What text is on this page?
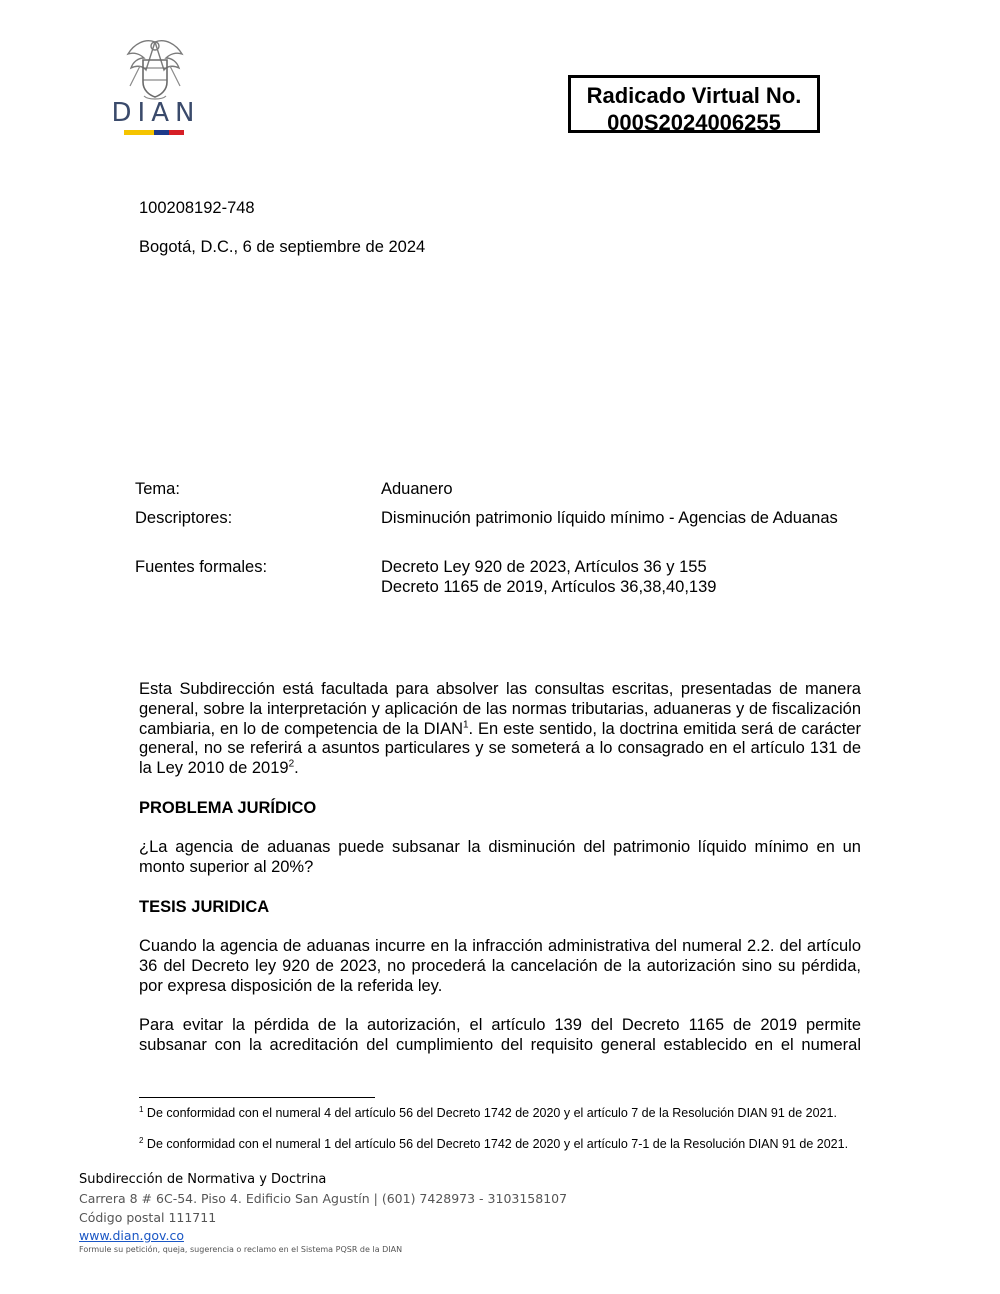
DIAN
Radicado Virtual No.
000S2024006255
100208192-748
Bogotá, D.C., 6 de septiembre de 2024
Tema:	Aduanero
Descriptores:	Disminución patrimonio líquido mínimo - Agencias de Aduanas
Fuentes formales:	Decreto Ley 920 de 2023, Artículos 36 y 155
Decreto 1165 de 2019, Artículos 36,38,40,139
Esta Subdirección está facultada para absolver las consultas escritas, presentadas de manera general, sobre la interpretación y aplicación de las normas tributarias, aduaneras y de fiscalización cambiaria, en lo de competencia de la DIAN$^1$. En este sentido, la doctrina emitida será de carácter general, no se referirá a asuntos particulares y se someterá a lo consagrado en el artículo 131 de la Ley 2010 de 2019$^2$.
PROBLEMA JURÍDICO
¿La agencia de aduanas puede subsanar la disminución del patrimonio líquido mínimo en un monto superior al 20%?
TESIS JURIDICA
Cuando la agencia de aduanas incurre en la infracción administrativa del numeral 2.2. del artículo 36 del Decreto ley 920 de 2023, no procederá la cancelación de la autorización sino su pérdida, por expresa disposición de la referida ley.
Para evitar la pérdida de la autorización, el artículo 139 del Decreto 1165 de 2019 permite subsanar con la acreditación del cumplimiento del requisito general establecido en el numeral
$^1$ De conformidad con el numeral 4 del artículo 56 del Decreto 1742 de 2020 y el artículo 7 de la Resolución DIAN 91 de 2021.
$^2$ De conformidad con el numeral 1 del artículo 56 del Decreto 1742 de 2020 y el artículo 7-1 de la Resolución DIAN 91 de 2021.
Subdirección de Normativa y Doctrina
Carrera 8 # 6C-54. Piso 4. Edificio San Agustín | (601) 7428973 - 3103158107
Código postal 111711
www.dian.gov.co
Formule su petición, queja, sugerencia o reclamo en el Sistema PQSR de la DIAN
